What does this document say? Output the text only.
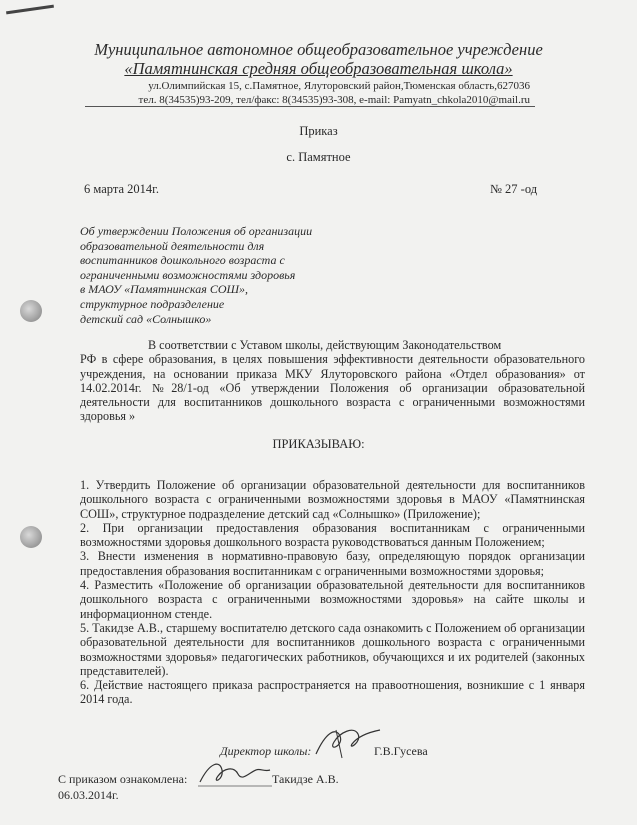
Муниципальное автономное общеобразовательное учреждение
«Памятнинская средняя общеобразовательная школа»
ул.Олимпийская 15, с.Памятное, Ялуторовский район,Тюменская область,627036
тел. 8(34535)93-209, тел/факс: 8(34535)93-308, e-mail: Pamyatn_chkola2010@mail.ru
Приказ
с. Памятное
6 марта 2014г.	№ 27 -од
Об утверждении Положения об организации
образовательной деятельности для
воспитанников дошкольного возраста с
ограниченными возможностями здоровья
в МАОУ «Памятнинская СОШ»,
структурное подразделение
детский сад «Солнышко»
В соответствии с Уставом школы, действующим Законодательством
РФ в сфере образования, в целях повышения эффективности деятельности образовательного учреждения, на основании приказа МКУ Ялуторовского района «Отдел образования» от 14.02.2014г. №28/1-од «Об утверждении Положения об организации образовательной деятельности для воспитанников дошкольного возраста с ограниченными возможностями здоровья »
ПРИКАЗЫВАЮ:
1. Утвердить Положение об организации образовательной деятельности для воспитанников дошкольного возраста с ограниченными возможностями здоровья в МАОУ «Памятнинская СОШ», структурное подразделение детский сад «Солнышко» (Приложение);
2. При организации предоставления образования воспитанникам с ограниченными возможностями здоровья дошкольного возраста руководствоваться данным Положением;
3. Внести изменения в нормативно-правовую базу, определяющую порядок организации предоставления образования воспитанникам с ограниченными возможностями здоровья;
4. Разместить «Положение об организации образовательной деятельности для воспитанников дошкольного возраста с ограниченными возможностями здоровья» на сайте школы и информационном стенде.
5. Такидзе А.В., старшему воспитателю детского сада ознакомить с Положением об организации образовательной деятельности для воспитанников дошкольного возраста с ограниченными возможностями здоровья» педагогических работников, обучающихся и их родителей (законных представителей).
6. Действие настоящего приказа распространяется на правоотношения, возникшие с 1 января 2014 года.
Директор школы:	Г.В.Гусева
С приказом ознакомлена:	Такидзе А.В.
06.03.2014г.
